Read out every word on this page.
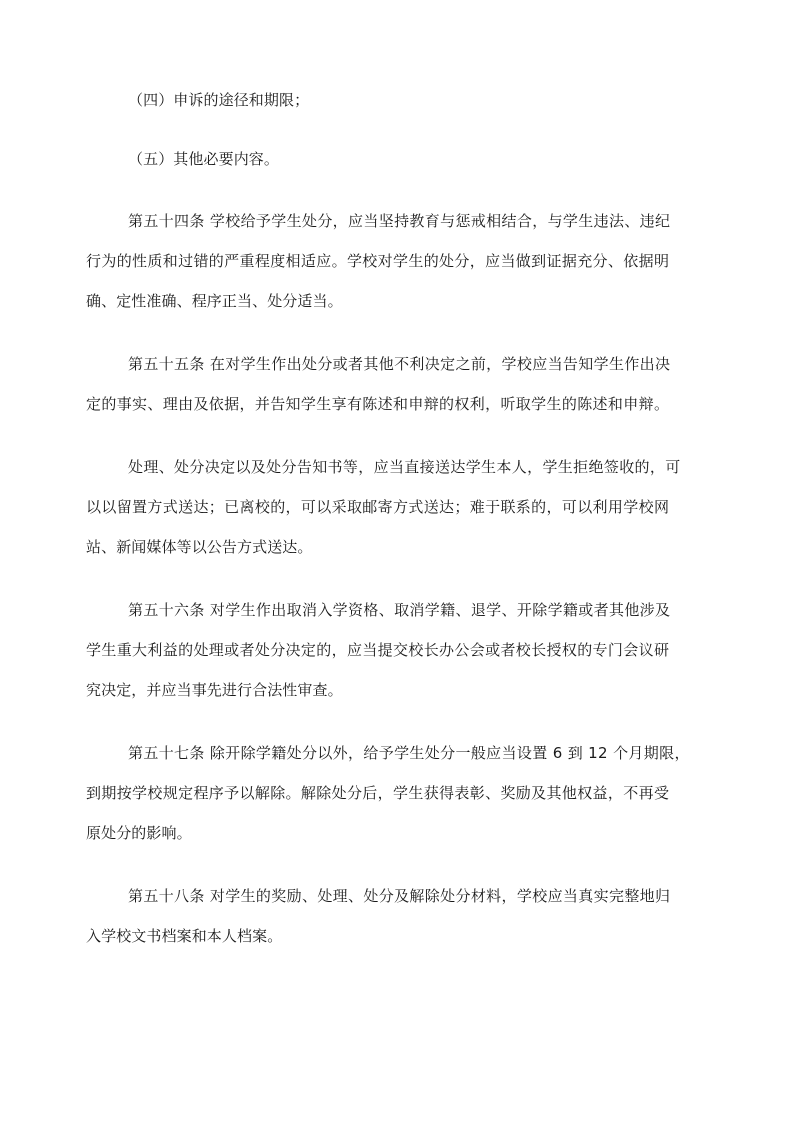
（四）申诉的途径和期限；
（五）其他必要内容。
第五十四条 学校给予学生处分，应当坚持教育与惩戒相结合，与学生违法、违纪
行为的性质和过错的严重程度相适应。学校对学生的处分，应当做到证据充分、依据明
确、定性准确、程序正当、处分适当。
第五十五条 在对学生作出处分或者其他不利决定之前，学校应当告知学生作出决
定的事实、理由及依据，并告知学生享有陈述和申辩的权利，听取学生的陈述和申辩。
处理、处分决定以及处分告知书等，应当直接送达学生本人，学生拒绝签收的，可
以以留置方式送达；已离校的，可以采取邮寄方式送达；难于联系的，可以利用学校网
站、新闻媒体等以公告方式送达。
第五十六条 对学生作出取消入学资格、取消学籍、退学、开除学籍或者其他涉及
学生重大利益的处理或者处分决定的，应当提交校长办公会或者校长授权的专门会议研
究决定，并应当事先进行合法性审查。
第五十七条 除开除学籍处分以外，给予学生处分一般应当设置 6 到 12 个月期限，
到期按学校规定程序予以解除。解除处分后，学生获得表彰、奖励及其他权益，不再受
原处分的影响。
第五十八条 对学生的奖励、处理、处分及解除处分材料，学校应当真实完整地归
入学校文书档案和本人档案。
